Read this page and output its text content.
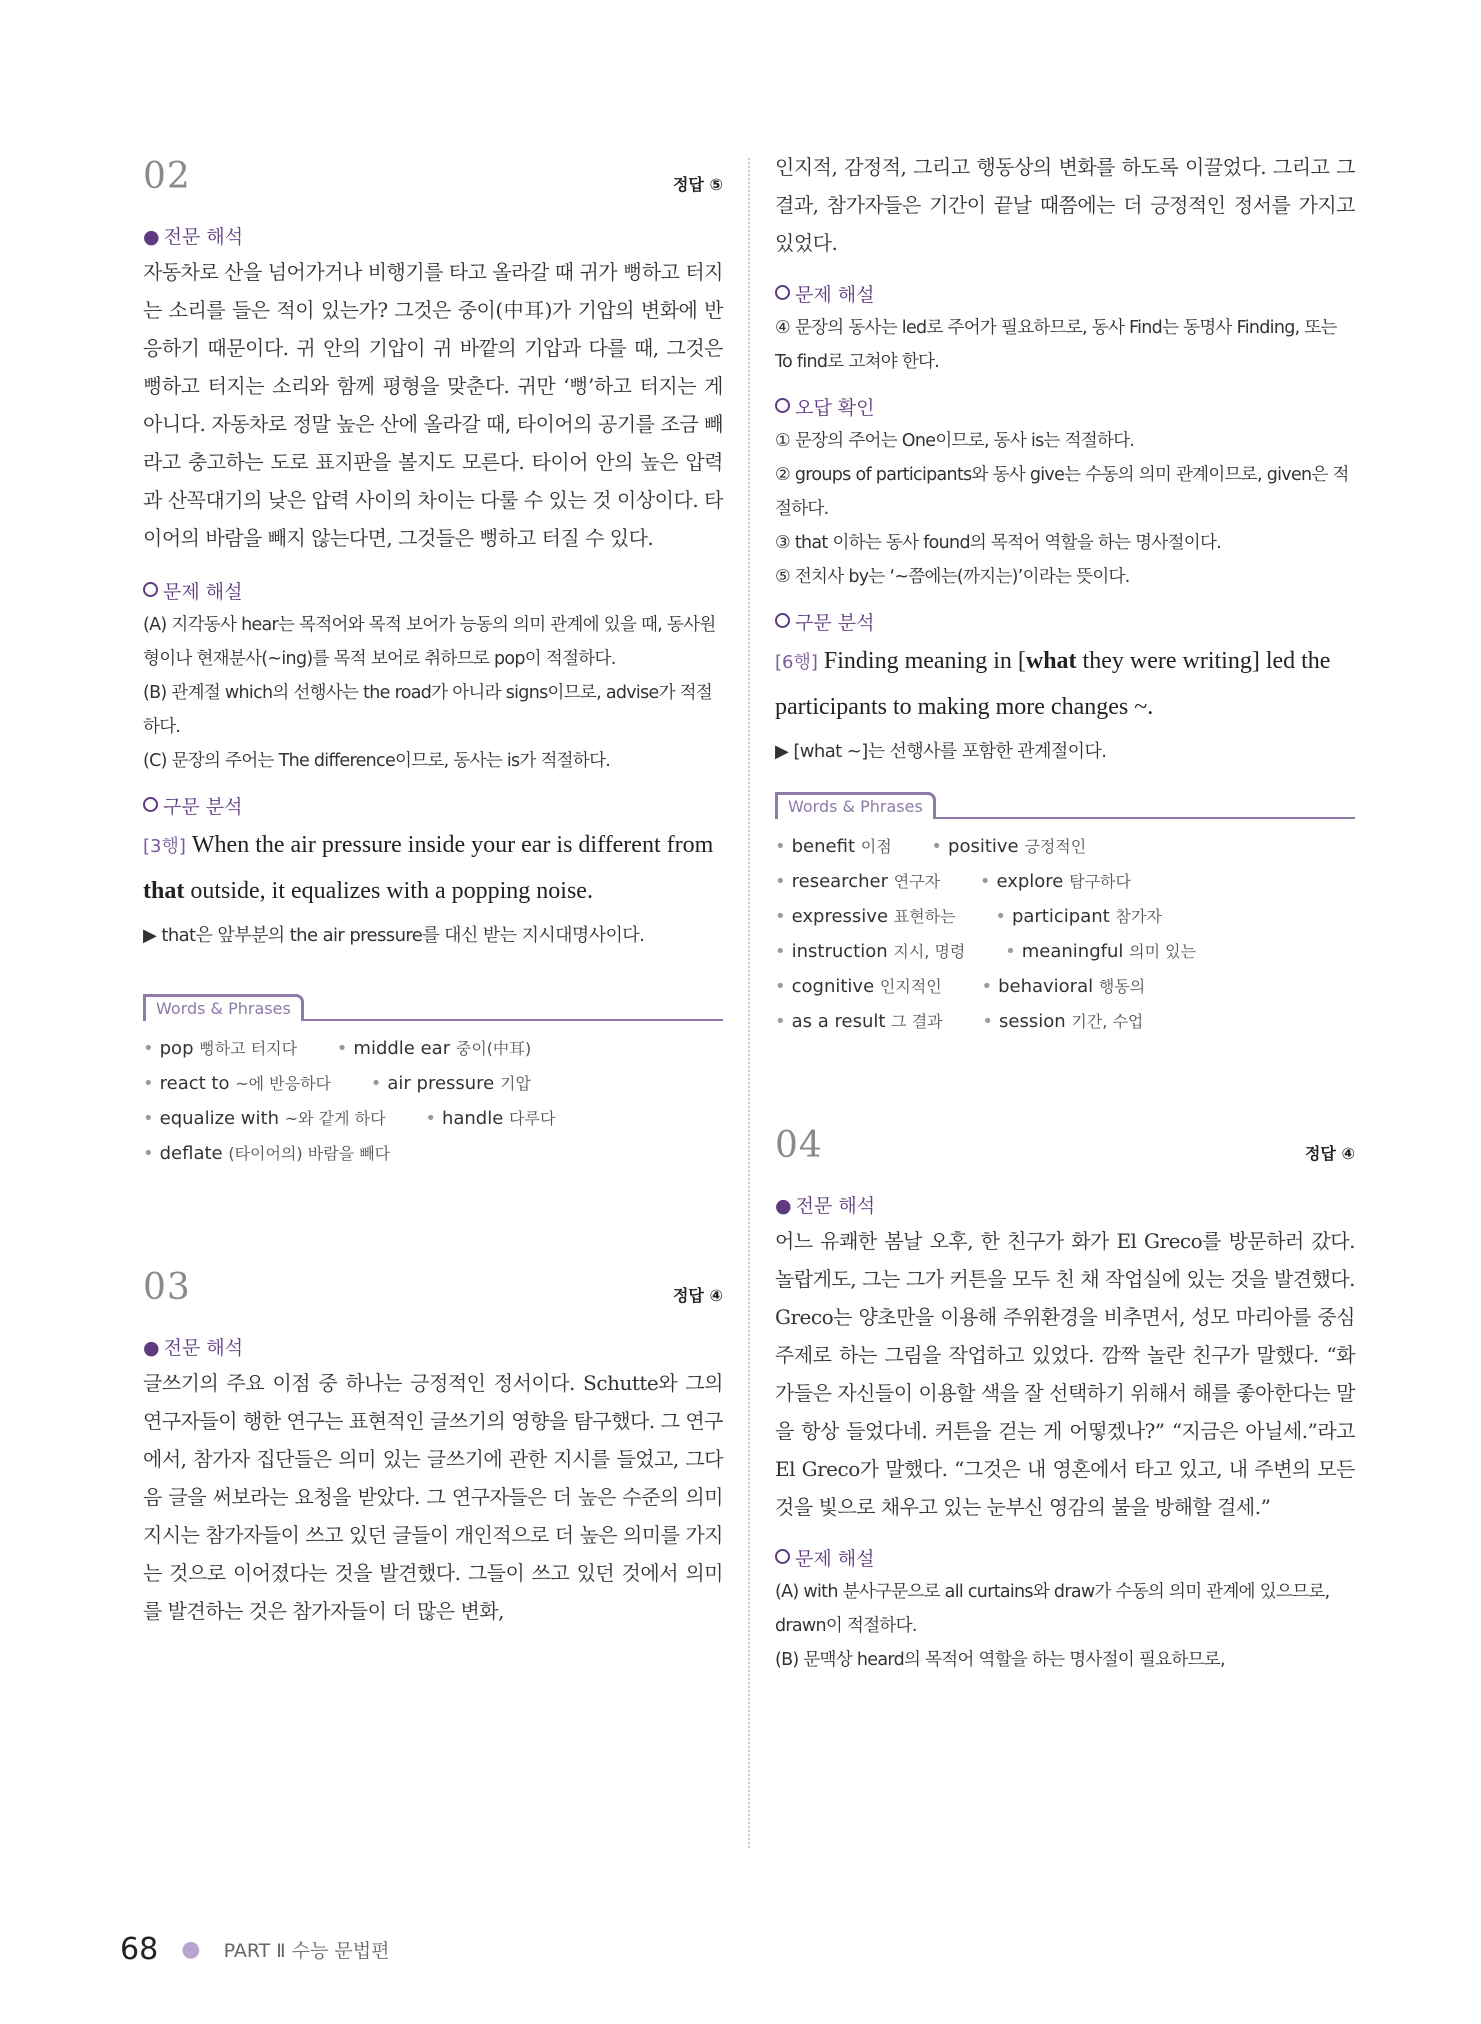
02	정답 ⑤
● 전문 해석

자동차로 산을 넘어가거나 비행기를 타고 올라갈 때 귀가 뻥하고 터지는 소리를 들은 적이 있는가? 그것은 중이(中耳)가 기압의 변화에 반응하기 때문이다. 귀 안의 기압이 귀 바깥의 기압과 다를 때, 그것은 뻥하고 터지는 소리와 함께 평형을 맞춘다. 귀만 ‘뻥’하고 터지는 게 아니다. 자동차로 정말 높은 산에 올라갈 때, 타이어의 공기를 조금 빼라고 충고하는 도로 표지판을 볼지도 모른다. 타이어 안의 높은 압력과 산꼭대기의 낮은 압력 사이의 차이는 다룰 수 있는 것 이상이다. 타이어의 바람을 빼지 않는다면, 그것들은 뻥하고 터질 수 있다.

문제 해설

(A) 지각동사 hear는 목적어와 목적 보어가 능동의 의미 관계에 있을 때, 동사원형이나 현재분사(~ing)를 목적 보어로 취하므로 pop이 적절하다.

(B) 관계절 which의 선행사는 the road가 아니라 signs이므로, advise가 적절하다.

(C) 문장의 주어는 The difference이므로, 동사는 is가 적절하다.

구문 분석

[3행] When the air pressure inside your ear is different from that outside, it equalizes with a popping noise.

▶ that은 앞부분의 the air pressure를 대신 받는 지시대명사이다.

Words & Phrases
• pop 뻥하고 터지다	• middle ear 중이(中耳)
• react to ~에 반응하다	• air pressure 기압
• equalize with ~와 같게 하다	• handle 다루다
• deflate (타이어의) 바람을 빼다
03	정답 ④
● 전문 해석

글쓰기의 주요 이점 중 하나는 긍정적인 정서이다. Schutte와 그의 연구자들이 행한 연구는 표현적인 글쓰기의 영향을 탐구했다. 그 연구에서, 참가자 집단들은 의미 있는 글쓰기에 관한 지시를 들었고, 그다음 글을 써보라는 요청을 받았다. 그 연구자들은 더 높은 수준의 의미 지시는 참가자들이 쓰고 있던 글들이 개인적으로 더 높은 의미를 가지는 것으로 이어졌다는 것을 발견했다. 그들이 쓰고 있던 것에서 의미를 발견하는 것은 참가자들이 더 많은 변화,

인지적, 감정적, 그리고 행동상의 변화를 하도록 이끌었다. 그리고 그 결과, 참가자들은 기간이 끝날 때쯤에는 더 긍정적인 정서를 가지고 있었다.

문제 해설

④ 문장의 동사는 led로 주어가 필요하므로, 동사 Find는 동명사 Finding, 또는 To find로 고쳐야 한다.

오답 확인

① 문장의 주어는 One이므로, 동사 is는 적절하다.

② groups of participants와 동사 give는 수동의 의미 관계이므로, given은 적절하다.

③ that 이하는 동사 found의 목적어 역할을 하는 명사절이다.

⑤ 전치사 by는 ‘~쯤에는(까지는)’이라는 뜻이다.

구문 분석

[6행] Finding meaning in [what they were writing] led the participants to making more changes ~.

▶ [what ~]는 선행사를 포함한 관계절이다.

Words & Phrases
• benefit 이점	• positive 긍정적인
• researcher 연구자	• explore 탐구하다
• expressive 표현하는	• participant 참가자
• instruction 지시, 명령	• meaningful 의미 있는
• cognitive 인지적인	• behavioral 행동의
• as a result 그 결과	• session 기간, 수업
04	정답 ④
● 전문 해석

어느 유쾌한 봄날 오후, 한 친구가 화가 El Greco를 방문하러 갔다. 놀랍게도, 그는 그가 커튼을 모두 친 채 작업실에 있는 것을 발견했다. Greco는 양초만을 이용해 주위환경을 비추면서, 성모 마리아를 중심 주제로 하는 그림을 작업하고 있었다. 깜짝 놀란 친구가 말했다. “화가들은 자신들이 이용할 색을 잘 선택하기 위해서 해를 좋아한다는 말을 항상 들었다네. 커튼을 걷는 게 어떻겠나?” “지금은 아닐세.”라고 El Greco가 말했다. “그것은 내 영혼에서 타고 있고, 내 주변의 모든 것을 빛으로 채우고 있는 눈부신 영감의 불을 방해할 걸세.”

문제 해설

(A) with 분사구문으로 all curtains와 draw가 수동의 의미 관계에 있으므로, drawn이 적절하다.

(B) 문맥상 heard의 목적어 역할을 하는 명사절이 필요하므로,

68 ● PART Ⅱ 수능 문법편
